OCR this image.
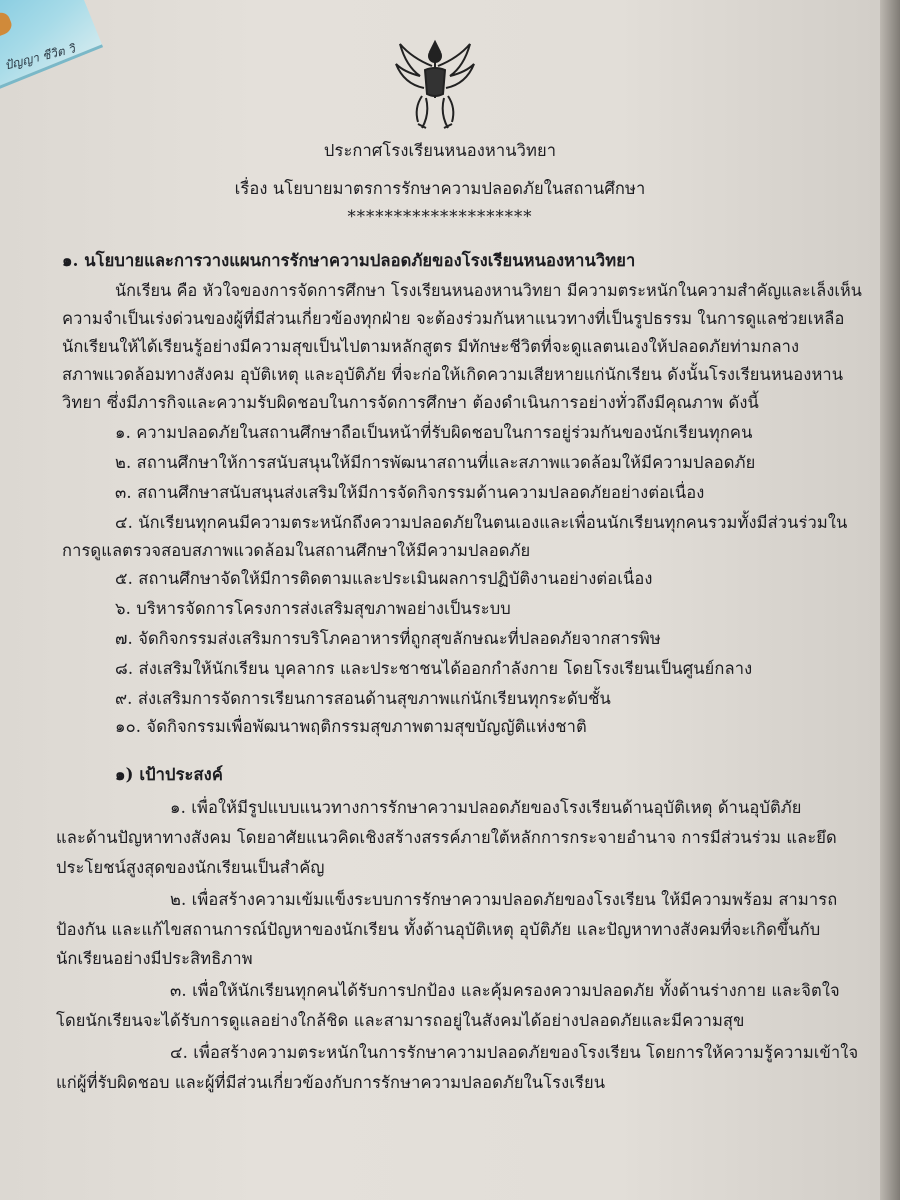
ปัญญา ชีวิต วิ
ประกาศโรงเรียนหนองหานวิทยา
เรื่อง นโยบายมาตรการรักษาความปลอดภัยในสถานศึกษา
********************
๑. นโยบายและการวางแผนการรักษาความปลอดภัยของโรงเรียนหนองหานวิทยา
นักเรียน คือ หัวใจของการจัดการศึกษา โรงเรียนหนองหานวิทยา มีความตระหนักในความสำคัญและเล็งเห็น
ความจำเป็นเร่งด่วนของผู้ที่มีส่วนเกี่ยวข้องทุกฝ่าย จะต้องร่วมกันหาแนวทางที่เป็นรูปธรรม ในการดูแลช่วยเหลือ
นักเรียนให้ได้เรียนรู้อย่างมีความสุขเป็นไปตามหลักสูตร มีทักษะชีวิตที่จะดูแลตนเองให้ปลอดภัยท่ามกลาง
สภาพแวดล้อมทางสังคม อุบัติเหตุ และอุบัติภัย ที่จะก่อให้เกิดความเสียหายแก่นักเรียน ดังนั้นโรงเรียนหนองหาน
วิทยา ซึ่งมีภารกิจและความรับผิดชอบในการจัดการศึกษา ต้องดำเนินการอย่างทั่วถึงมีคุณภาพ ดังนี้
๑. ความปลอดภัยในสถานศึกษาถือเป็นหน้าที่รับผิดชอบในการอยู่ร่วมกันของนักเรียนทุกคน
๒. สถานศึกษาให้การสนับสนุนให้มีการพัฒนาสถานที่และสภาพแวดล้อมให้มีความปลอดภัย
๓. สถานศึกษาสนับสนุนส่งเสริมให้มีการจัดกิจกรรมด้านความปลอดภัยอย่างต่อเนื่อง
๔. นักเรียนทุกคนมีความตระหนักถึงความปลอดภัยในตนเองและเพื่อนนักเรียนทุกคนรวมทั้งมีส่วนร่วมใน
การดูแลตรวจสอบสภาพแวดล้อมในสถานศึกษาให้มีความปลอดภัย
๕. สถานศึกษาจัดให้มีการติดตามและประเมินผลการปฏิบัติงานอย่างต่อเนื่อง
๖. บริหารจัดการโครงการส่งเสริมสุขภาพอย่างเป็นระบบ
๗. จัดกิจกรรมส่งเสริมการบริโภคอาหารที่ถูกสุขลักษณะที่ปลอดภัยจากสารพิษ
๘. ส่งเสริมให้นักเรียน บุคลากร และประชาชนได้ออกกำลังกาย โดยโรงเรียนเป็นศูนย์กลาง
๙. ส่งเสริมการจัดการเรียนการสอนด้านสุขภาพแก่นักเรียนทุกระดับชั้น
๑๐. จัดกิจกรรมเพื่อพัฒนาพฤติกรรมสุขภาพตามสุขบัญญัติแห่งชาติ
๑) เป้าประสงค์
๑. เพื่อให้มีรูปแบบแนวทางการรักษาความปลอดภัยของโรงเรียนด้านอุบัติเหตุ ด้านอุบัติภัย
และด้านปัญหาทางสังคม โดยอาศัยแนวคิดเชิงสร้างสรรค์ภายใต้หลักการกระจายอำนาจ การมีส่วนร่วม และยึด
ประโยชน์สูงสุดของนักเรียนเป็นสำคัญ
๒. เพื่อสร้างความเข้มแข็งระบบการรักษาความปลอดภัยของโรงเรียน ให้มีความพร้อม สามารถ
ป้องกัน และแก้ไขสถานการณ์ปัญหาของนักเรียน ทั้งด้านอุบัติเหตุ อุบัติภัย และปัญหาทางสังคมที่จะเกิดขึ้นกับ
นักเรียนอย่างมีประสิทธิภาพ
๓. เพื่อให้นักเรียนทุกคนได้รับการปกป้อง และคุ้มครองความปลอดภัย ทั้งด้านร่างกาย และจิตใจ
โดยนักเรียนจะได้รับการดูแลอย่างใกล้ชิด และสามารถอยู่ในสังคมได้อย่างปลอดภัยและมีความสุข
๔. เพื่อสร้างความตระหนักในการรักษาความปลอดภัยของโรงเรียน โดยการให้ความรู้ความเข้าใจ
แก่ผู้ที่รับผิดชอบ และผู้ที่มีส่วนเกี่ยวข้องกับการรักษาความปลอดภัยในโรงเรียน
